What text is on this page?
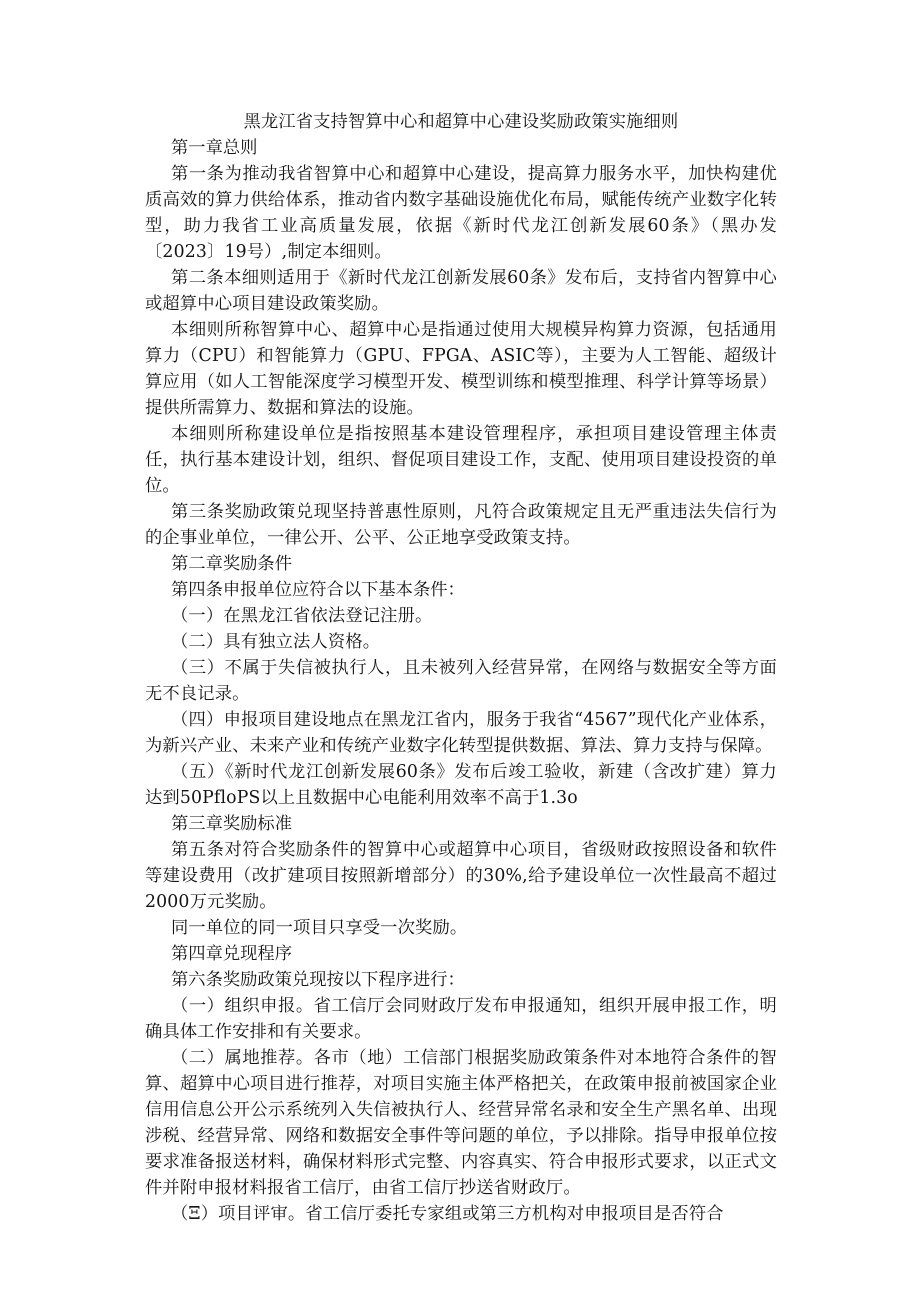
黑龙江省支持智算中心和超算中心建设奖励政策实施细则
第一章总则
第一条为推动我省智算中心和超算中心建设，提高算力服务水平，加快构建优质高效的算力供给体系，推动省内数字基础设施优化布局，赋能传统产业数字化转型，助力我省工业高质量发展，依据《新时代龙江创新发展60条》（黑办发〔2023〕19号）,制定本细则。
第二条本细则适用于《新时代龙江创新发展60条》发布后，支持省内智算中心或超算中心项目建设政策奖励。
本细则所称智算中心、超算中心是指通过使用大规模异构算力资源，包括通用算力（CPU）和智能算力（GPU、FPGA、ASIC等），主要为人工智能、超级计算应用（如人工智能深度学习模型开发、模型训练和模型推理、科学计算等场景）提供所需算力、数据和算法的设施。
本细则所称建设单位是指按照基本建设管理程序，承担项目建设管理主体责任，执行基本建设计划，组织、督促项目建设工作，支配、使用项目建设投资的单位。
第三条奖励政策兑现坚持普惠性原则，凡符合政策规定且无严重违法失信行为的企事业单位，一律公开、公平、公正地享受政策支持。
第二章奖励条件
第四条申报单位应符合以下基本条件：
（一）在黑龙江省依法登记注册。
（二）具有独立法人资格。
（三）不属于失信被执行人，且未被列入经营异常，在网络与数据安全等方面无不良记录。
（四）申报项目建设地点在黑龙江省内，服务于我省“4567”现代化产业体系，为新兴产业、未来产业和传统产业数字化转型提供数据、算法、算力支持与保障。
（五）《新时代龙江创新发展60条》发布后竣工验收，新建（含改扩建）算力达到50PfloPS以上且数据中心电能利用效率不高于1.3o
第三章奖励标准
第五条对符合奖励条件的智算中心或超算中心项目，省级财政按照设备和软件等建设费用（改扩建项目按照新增部分）的30%,给予建设单位一次性最高不超过2000万元奖励。
同一单位的同一项目只享受一次奖励。
第四章兑现程序
第六条奖励政策兑现按以下程序进行：
（一）组织申报。省工信厅会同财政厅发布申报通知，组织开展申报工作，明确具体工作安排和有关要求。
（二）属地推荐。各市（地）工信部门根据奖励政策条件对本地符合条件的智算、超算中心项目进行推荐，对项目实施主体严格把关，在政策申报前被国家企业信用信息公开公示系统列入失信被执行人、经营异常名录和安全生产黑名单、出现涉税、经营异常、网络和数据安全事件等问题的单位，予以排除。指导申报单位按要求准备报送材料，确保材料形式完整、内容真实、符合申报形式要求，以正式文件并附申报材料报省工信厅，由省工信厅抄送省财政厅。
（Ξ）项目评审。省工信厅委托专家组或第三方机构对申报项目是否符合
